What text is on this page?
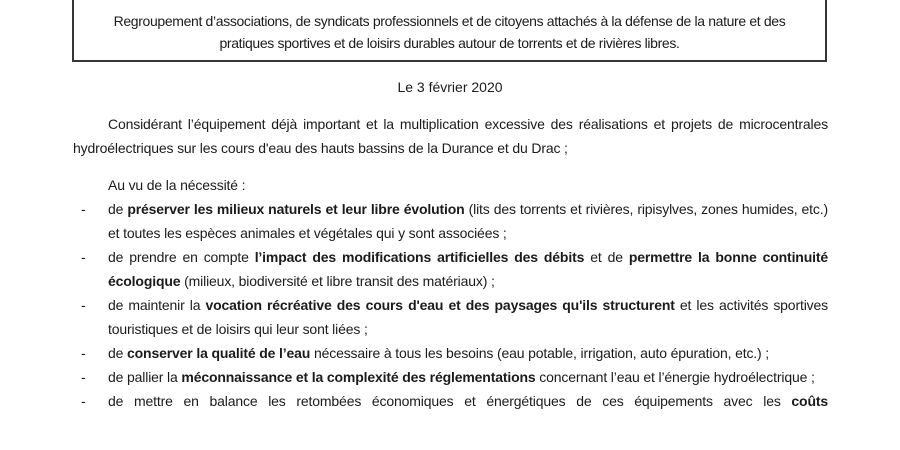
Regroupement d’associations, de syndicats professionnels et de citoyens attachés à la défense de la nature et des
pratiques sportives et de loisirs durables autour de torrents et de rivières libres.
Le 3 février 2020

Considérant l’équipement déjà important et la multiplication excessive des réalisations et projets de microcentrales hydroélectriques sur les cours d'eau des hauts bassins de la Durance et du Drac ;

Au vu de la nécessité :

- de préserver les milieux naturels et leur libre évolution (lits des torrents et rivières, ripisylves, zones humides, etc.) et toutes les espèces animales et végétales qui y sont associées ;
- de prendre en compte l’impact des modifications artificielles des débits et de permettre la bonne continuité écologique (milieux, biodiversité et libre transit des matériaux) ;
- de maintenir la vocation récréative des cours d'eau et des paysages qu'ils structurent et les activités sportives touristiques et de loisirs qui leur sont liées ;
- de conserver la qualité de l’eau nécessaire à tous les besoins (eau potable, irrigation, auto épuration, etc.) ;
- de pallier la méconnaissance et la complexité des réglementations concernant l’eau et l’énergie hydroélectrique ;
- de mettre en balance les retombées économiques et énergétiques de ces équipements avec les coûts
